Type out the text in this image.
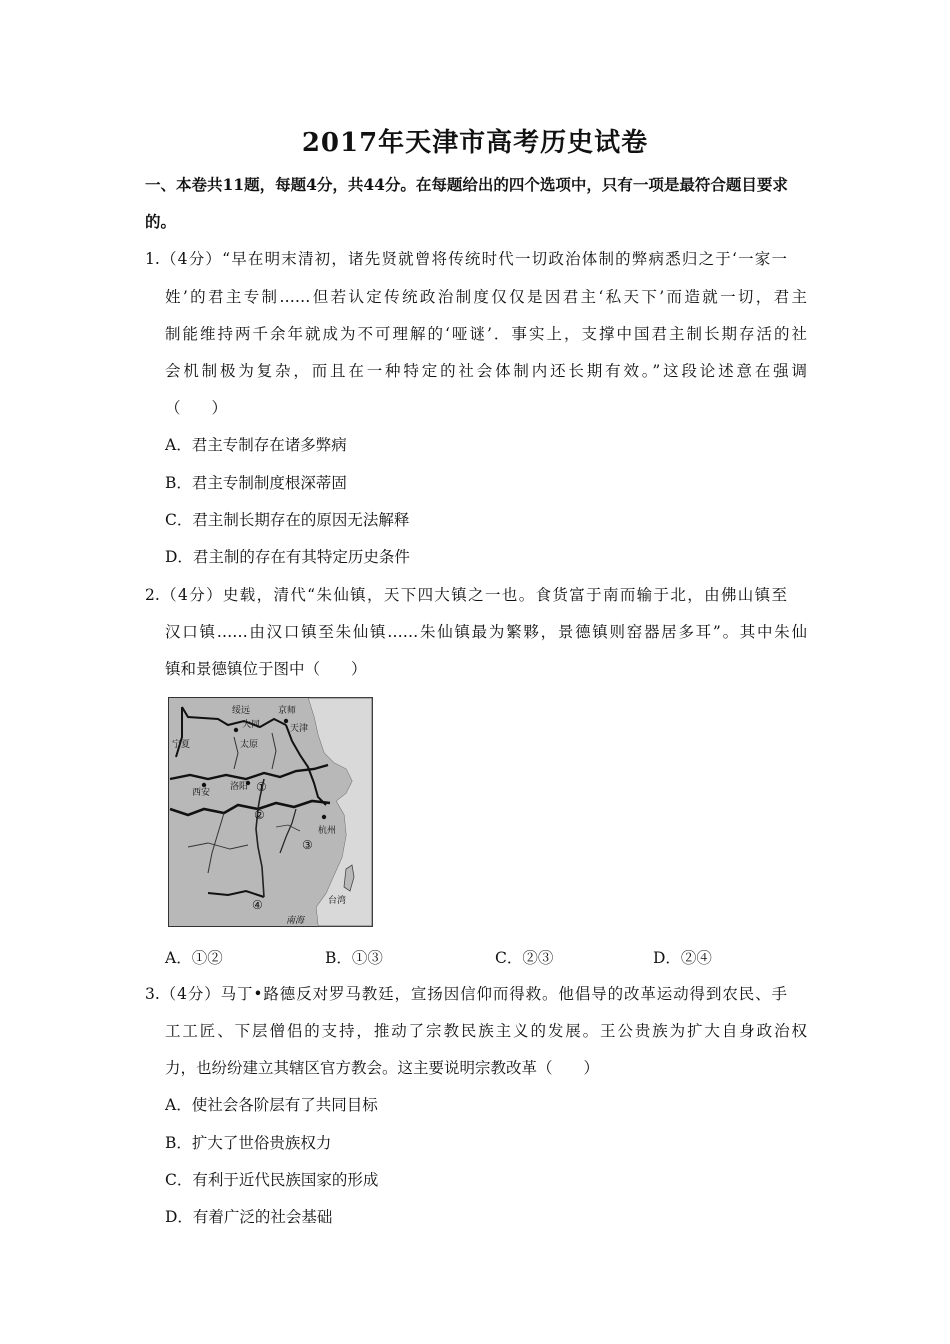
2017年天津市高考历史试卷
一、本卷共11题，每题4分，共44分。在每题给出的四个选项中，只有一项是最符合题目要求的。
1.（4分）“早在明末清初，诸先贤就曾将传统时代一切政治体制的弊病悉归之于‘一家一
姓’的君主专制……但若认定传统政治制度仅仅是因君主‘私天下’而造就一切，君主
制能维持两千余年就成为不可理解的‘哑谜’．事实上，支撑中国君主制长期存活的社
会机制极为复杂，而且在一种特定的社会体制内还长期有效。”这段论述意在强调
（　　）
A．君主专制存在诸多弊病
B．君主专制制度根深蒂固
C．君主制长期存在的原因无法解释
D．君主制的存在有其特定历史条件
2.（4分）史载，清代“朱仙镇，天下四大镇之一也。食货富于南而输于北，由佛山镇至
汉口镇……由汉口镇至朱仙镇……朱仙镇最为繁夥，景德镇则窑器居多耳”。其中朱仙
镇和景德镇位于图中（　　）
绥远	京师
大同	天津
宁夏	太原
西安
洛阳 ①
②
③
④
杭州
台湾
南海
A．①②	B．①③	C．②③	D．②④
3.（4分）马丁•路德反对罗马教廷，宣扬因信仰而得救。他倡导的改革运动得到农民、手
工工匠、下层僧侣的支持，推动了宗教民族主义的发展。王公贵族为扩大自身政治权
力，也纷纷建立其辖区官方教会。这主要说明宗教改革（　　）
A．使社会各阶层有了共同目标
B．扩大了世俗贵族权力
C．有利于近代民族国家的形成
D．有着广泛的社会基础
